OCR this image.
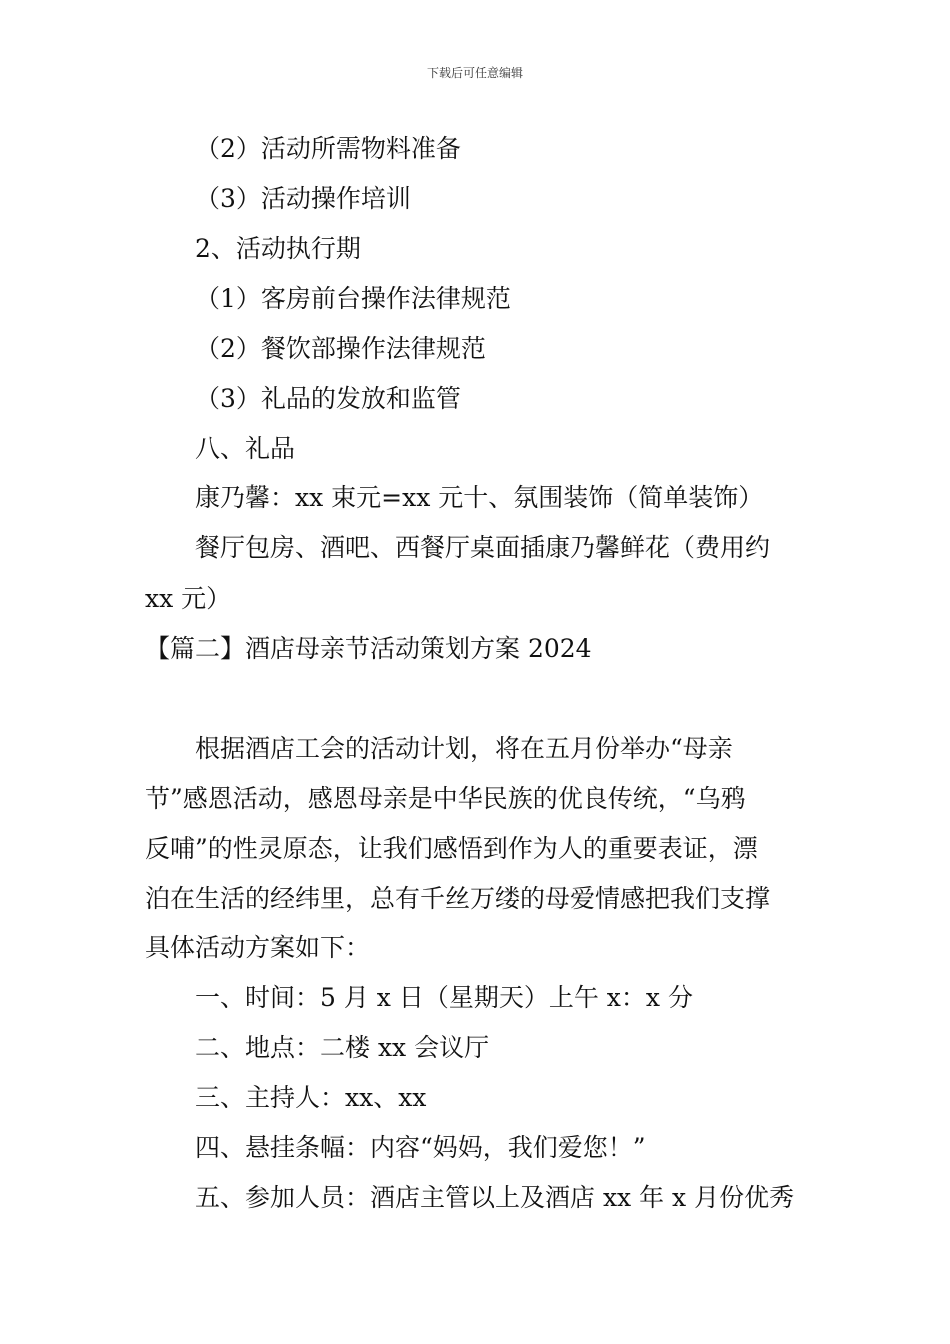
下载后可任意编辑
（2）活动所需物料准备
（3）活动操作培训
2、活动执行期
（1）客房前台操作法律规范
（2）餐饮部操作法律规范
（3）礼品的发放和监管
八、礼品
康乃馨：xx 束元=xx 元十、氛围装饰（简单装饰）
餐厅包房、酒吧、西餐厅桌面插康乃馨鲜花（费用约
xx 元）
【篇二】酒店母亲节活动策划方案 2024
根据酒店工会的活动计划，将在五月份举办“母亲
节”感恩活动，感恩母亲是中华民族的优良传统，“乌鸦
反哺”的性灵原态，让我们感悟到作为人的重要表证，漂
泊在生活的经纬里，总有千丝万缕的母爱情感把我们支撑
具体活动方案如下：
一、时间：5 月 x 日（星期天）上午 x：x 分
二、地点：二楼 xx 会议厅
三、主持人：xx、xx
四、悬挂条幅：内容“妈妈，我们爱您！”
五、参加人员：酒店主管以上及酒店 xx 年 x 月份优秀
